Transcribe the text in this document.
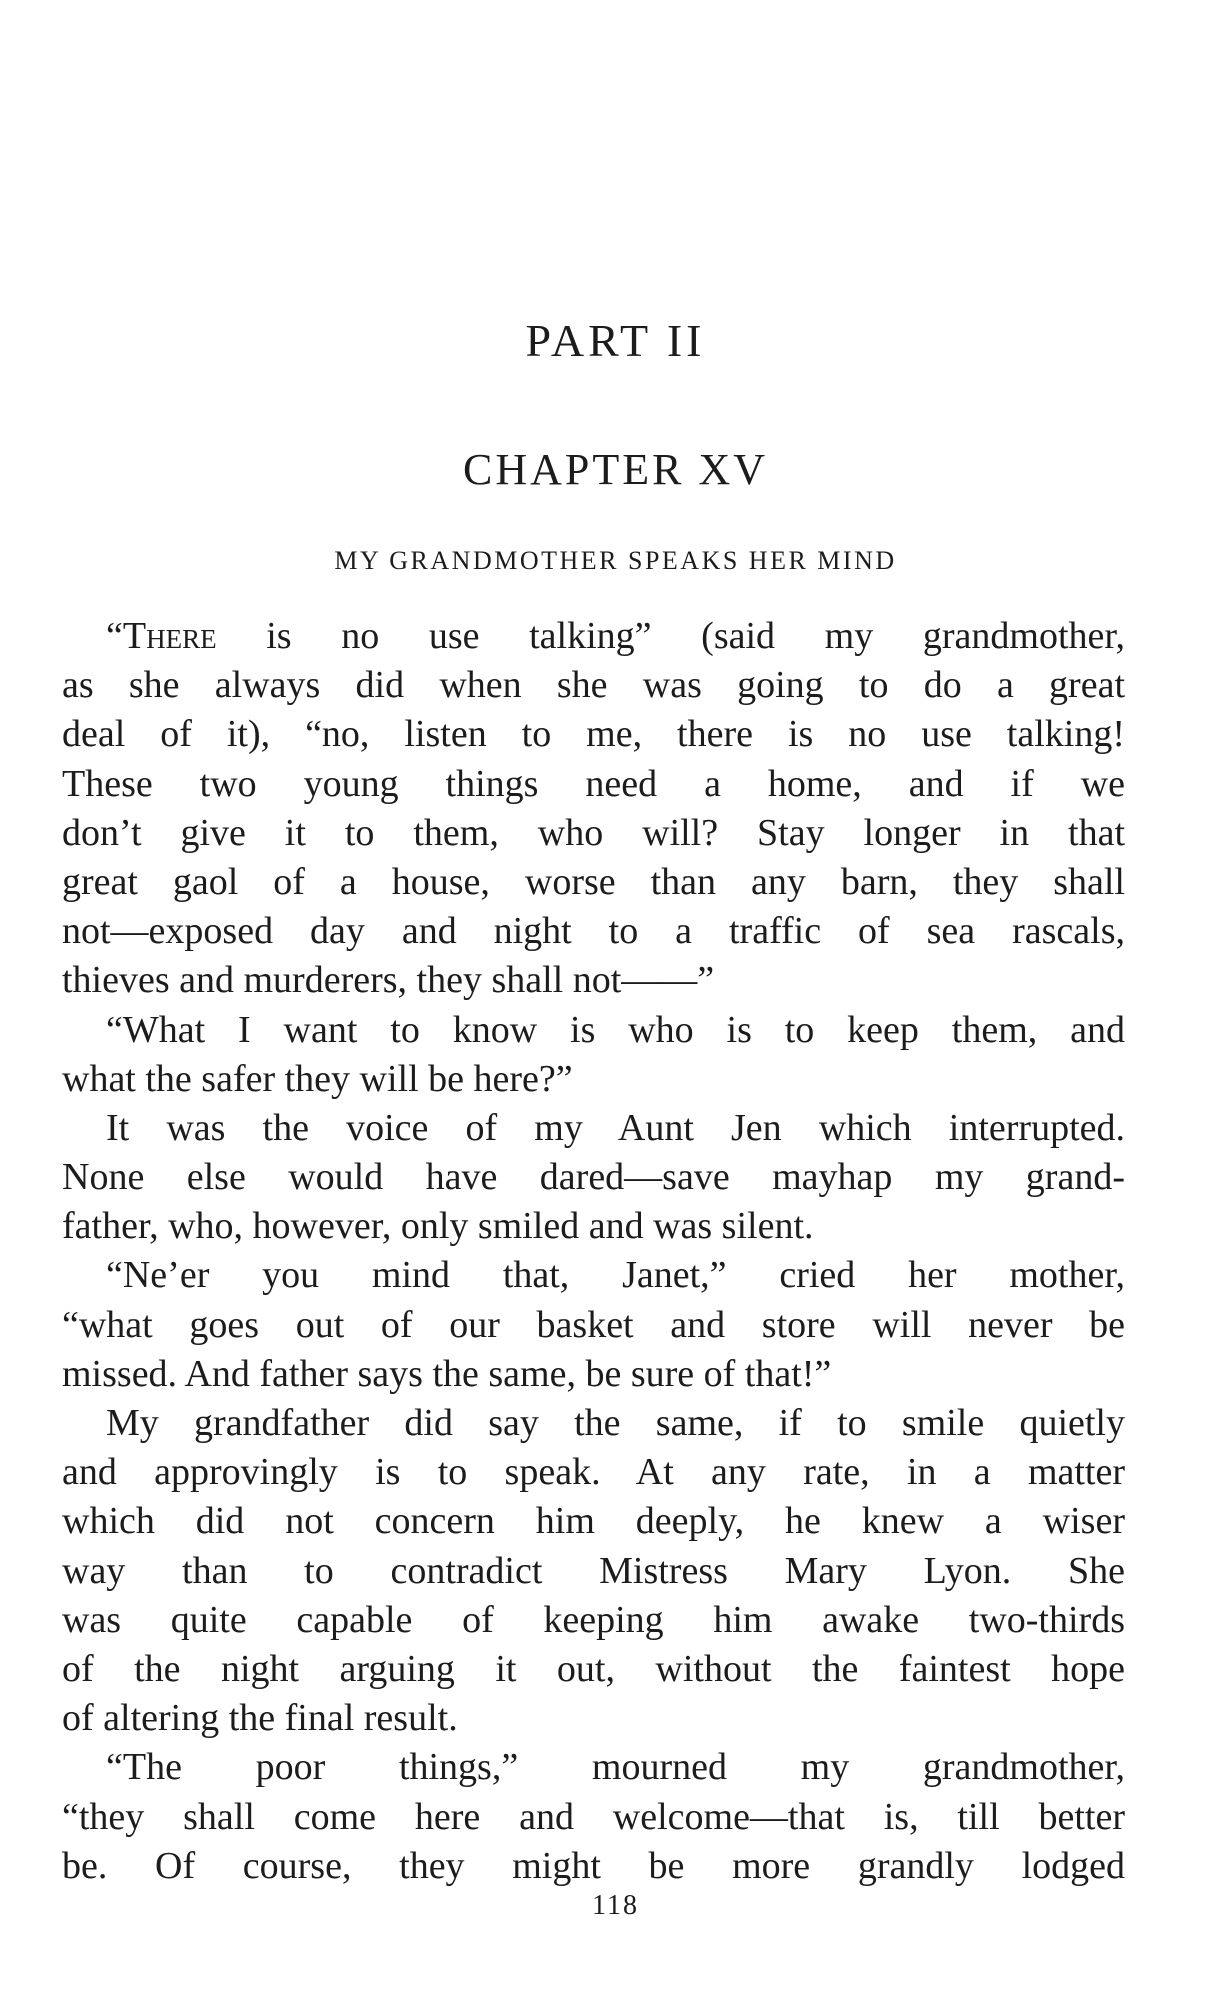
PART II
CHAPTER XV
MY GRANDMOTHER SPEAKS HER MIND
“There is no use talking” (said my grandmother,
as she always did when she was going to do a great
deal of it), “no, listen to me, there is no use talking!
These two young things need a home, and if we
don’t give it to them, who will? Stay longer in that
great gaol of a house, worse than any barn, they shall
not—exposed day and night to a traffic of sea rascals,
thieves and murderers, they shall not——”
“What I want to know is who is to keep them, and
what the safer they will be here?”
It was the voice of my Aunt Jen which interrupted.
None else would have dared—save mayhap my grand-
father, who, however, only smiled and was silent.
“Ne’er you mind that, Janet,” cried her mother,
“what goes out of our basket and store will never be
missed. And father says the same, be sure of that!”
My grandfather did say the same, if to smile quietly
and approvingly is to speak. At any rate, in a matter
which did not concern him deeply, he knew a wiser
way than to contradict Mistress Mary Lyon. She
was quite capable of keeping him awake two-thirds
of the night arguing it out, without the faintest hope
of altering the final result.
“The poor things,” mourned my grandmother,
“they shall come here and welcome—that is, till better
be. Of course, they might be more grandly lodged
118
